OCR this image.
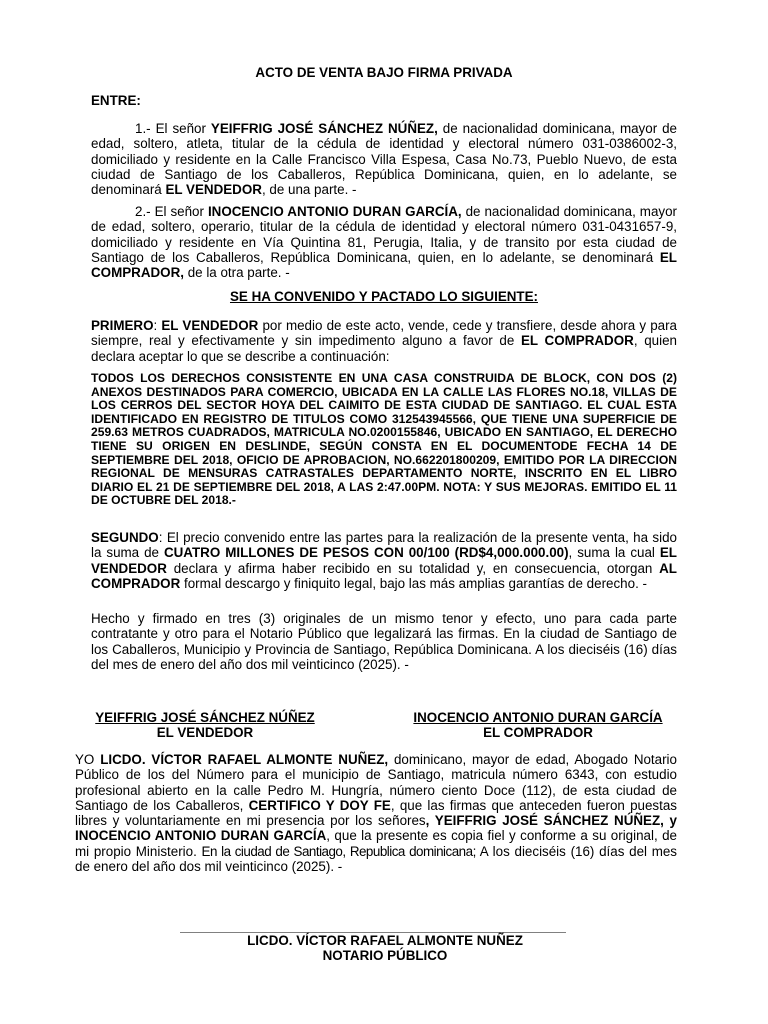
ACTO DE VENTA BAJO FIRMA PRIVADA

ENTRE:

1.- El señor YEIFFRIG JOSÉ SÁNCHEZ NÚÑEZ, de nacionalidad dominicana, mayor de edad, soltero, atleta, titular de la cédula de identidad y electoral número 031-0386002-3, domiciliado y residente en la Calle Francisco Villa Espesa, Casa No.73, Pueblo Nuevo, de esta ciudad de Santiago de los Caballeros, República Dominicana, quien, en lo adelante, se denominará EL VENDEDOR, de una parte. -

2.- El señor INOCENCIO ANTONIO DURAN GARCÍA, de nacionalidad dominicana, mayor de edad, soltero, operario, titular de la cédula de identidad y electoral número 031-0431657-9, domiciliado y residente en Vía Quintina 81, Perugia, Italia, y de transito por esta ciudad de Santiago de los Caballeros, República Dominicana, quien, en lo adelante, se denominará EL COMPRADOR, de la otra parte. -

SE HA CONVENIDO Y PACTADO LO SIGUIENTE:

PRIMERO: EL VENDEDOR por medio de este acto, vende, cede y transfiere, desde ahora y para siempre, real y efectivamente y sin impedimento alguno a favor de EL COMPRADOR, quien declara aceptar lo que se describe a continuación:

TODOS LOS DERECHOS CONSISTENTE EN UNA CASA CONSTRUIDA DE BLOCK, CON DOS (2) ANEXOS DESTINADOS PARA COMERCIO, UBICADA EN LA CALLE LAS FLORES NO.18, VILLAS DE LOS CERROS DEL SECTOR HOYA DEL CAIMITO DE ESTA CIUDAD DE SANTIAGO. EL CUAL ESTA IDENTIFICADO EN REGISTRO DE TITULOS COMO 312543945566, QUE TIENE UNA SUPERFICIE DE 259.63 METROS CUADRADOS, MATRICULA NO.0200155846, UBICADO EN SANTIAGO, EL DERECHO TIENE SU ORIGEN EN DESLINDE, SEGÚN CONSTA EN EL DOCUMENTODE FECHA 14 DE SEPTIEMBRE DEL 2018, OFICIO DE APROBACION, NO.662201800209, EMITIDO POR LA DIRECCION REGIONAL DE MENSURAS CATRASTALES DEPARTAMENTO NORTE, INSCRITO EN EL LIBRO DIARIO EL 21 DE SEPTIEMBRE DEL 2018, A LAS 2:47.00PM. NOTA: Y SUS MEJORAS. EMITIDO EL 11 DE OCTUBRE DEL 2018.-

SEGUNDO: El precio convenido entre las partes para la realización de la presente venta, ha sido la suma de CUATRO MILLONES DE PESOS CON 00/100 (RD$4,000.000.00), suma la cual EL VENDEDOR declara y afirma haber recibido en su totalidad y, en consecuencia, otorgan AL COMPRADOR formal descargo y finiquito legal, bajo las más amplias garantías de derecho. -

Hecho y firmado en tres (3) originales de un mismo tenor y efecto, uno para cada parte contratante y otro para el Notario Público que legalizará las firmas. En la ciudad de Santiago de los Caballeros, Municipio y Provincia de Santiago, República Dominicana. A los dieciséis (16) días del mes de enero del año dos mil veinticinco (2025). -

YEIFFRIG JOSÉ SÁNCHEZ NÚÑEZ
EL VENDEDOR
INOCENCIO ANTONIO DURAN GARCÍA
EL COMPRADOR

YO LICDO. VÍCTOR RAFAEL ALMONTE NUÑEZ, dominicano, mayor de edad, Abogado Notario Público de los del Número para el municipio de Santiago, matricula número 6343, con estudio profesional abierto en la calle Pedro M. Hungría, número ciento Doce (112), de esta ciudad de Santiago de los Caballeros, CERTIFICO Y DOY FE, que las firmas que anteceden fueron puestas libres y voluntariamente en mi presencia por los señores, YEIFFRIG JOSÉ SÁNCHEZ NÚÑEZ, y INOCENCIO ANTONIO DURAN GARCÍA, que la presente es copia fiel y conforme a su original, de mi propio Ministerio. En la ciudad de Santiago, Republica dominicana; A los dieciséis (16) días del mes de enero del año dos mil veinticinco (2025). -

LICDO. VÍCTOR RAFAEL ALMONTE NUÑEZ
NOTARIO PÚBLICO
